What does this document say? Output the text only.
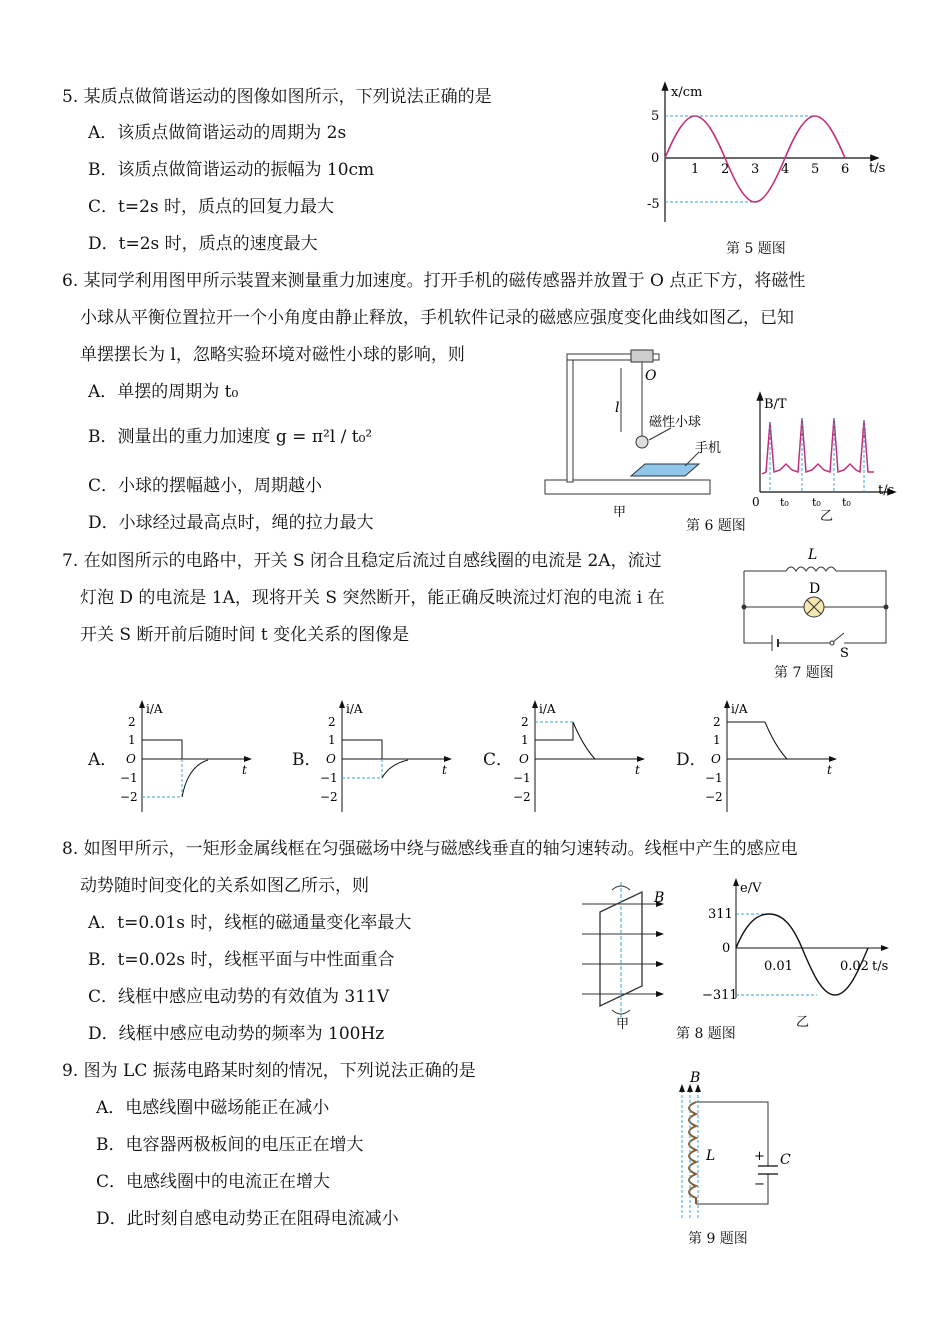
5. 某质点做简谐运动的图像如图所示，下列说法正确的是
A．该质点做简谐运动的周期为 2s
B．该质点做简谐运动的振幅为 10cm
C．t=2s 时，质点的回复力最大
D．t=2s 时，质点的速度最大
x/cm
t/s
5
0
-5
1 2 3 4 5 6
第 5 题图
6. 某同学利用图甲所示装置来测量重力加速度。打开手机的磁传感器并放置于 O 点正下方，将磁性
小球从平衡位置拉开一个小角度由静止释放，手机软件记录的磁感应强度变化曲线如图乙，已知
单摆摆长为 l，忽略实验环境对磁性小球的影响，则
A．单摆的周期为 t₀
B．测量出的重力加速度 g = π²l / t₀²
C．小球的摆幅越小，周期越小
D．小球经过最高点时，绳的拉力最大
O
l
磁性小球
手机
甲
B/T
t/s
0 t₀ t₀ t₀
乙
第 6 题图
7. 在如图所示的电路中，开关 S 闭合且稳定后流过自感线圈的电流是 2A，流过
灯泡 D 的电流是 1A，现将开关 S 突然断开，能正确反映流过灯泡的电流 i 在
开关 S 断开前后随时间 t 变化关系的图像是
L
D
S
第 7 题图
A．
i/A
t
2
1
O
−1
−2
B．
i/A
t
2
1
O
−1
−2
C．
i/A
t
2
1
O
−1
−2
D．
i/A
t
2
1
O
−1
−2
8. 如图甲所示，一矩形金属线框在匀强磁场中绕与磁感线垂直的轴匀速转动。线框中产生的感应电
动势随时间变化的关系如图乙所示，则
A．t=0.01s 时，线框的磁通量变化率最大
B．t=0.02s 时，线框平面与中性面重合
C．线框中感应电动势的有效值为 311V
D．线框中感应电动势的频率为 100Hz
B
甲
e/V
t/s
311
0
−311
0.01	0.02
乙
第 8 题图
9. 图为 LC 振荡电路某时刻的情况，下列说法正确的是
A．电感线圈中磁场能正在减小
B．电容器两极板间的电压正在增大
C．电感线圈中的电流正在增大
D．此时刻自感电动势正在阻碍电流减小
B
L	+
−
C
第 9 题图
